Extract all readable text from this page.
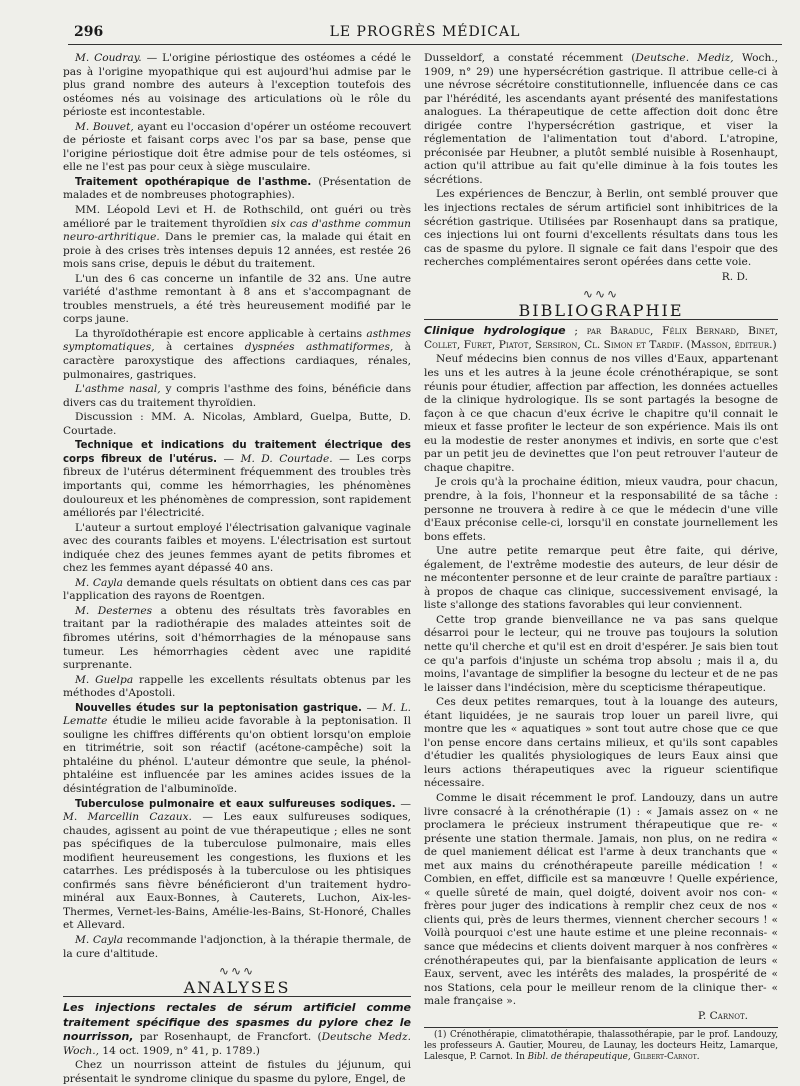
296	LE PROGRÈS MÉDICAL

M. Coudray. — L'origine périostique des ostéomes a cédé le pas à l'origine myopathique qui est aujourd'hui admise par le plus grand nombre des auteurs à l'exception toutefois des ostéomes nés au voisinage des articulations où le rôle du périoste est incontestable.

M. Bouvet, ayant eu l'occasion d'opérer un ostéome recouvert de périoste et faisant corps avec l'os par sa base, pense que l'origine périostique doit être admise pour de tels ostéomes, si elle ne l'est pas pour ceux à siège musculaire.

Traitement opothérapique de l'asthme. (Présentation de malades et de nombreuses photographies).

MM. Léopold Levi et H. de Rothschild, ont guéri ou très amélioré par le traitement thyroïdien six cas d'asthme commun neuro-arthritique. Dans le premier cas, la malade qui était en proie à des crises très intenses depuis 12 années, est restée 26 mois sans crise, depuis le début du traitement.

L'un des 6 cas concerne un infantile de 32 ans. Une autre variété d'asthme remontant à 8 ans et s'accompagnant de troubles menstruels, a été très heureusement modifié par le corps jaune.

La thyroïdothérapie est encore applicable à certains asthmes symptomatiques, à certaines dyspnées asthmatiformes, à caractère paroxystique des affections cardiaques, rénales, pulmonaires, gastriques.

L'asthme nasal, y compris l'asthme des foins, bénéficie dans divers cas du traitement thyroïdien.

Discussion : MM. A. Nicolas, Amblard, Guelpa, Butte, D. Courtade.

Technique et indications du traitement électrique des corps fibreux de l'utérus. — M. D. Courtade. — Les corps fibreux de l'utérus déterminent fréquemment des troubles très importants qui, comme les hémorrhagies, les phénomènes douloureux et les phénomènes de compression, sont rapidement améliorés par l'électricité.

L'auteur a surtout employé l'électrisation galvanique vaginale avec des courants faibles et moyens. L'électrisation est surtout indiquée chez des jeunes femmes ayant de petits fibromes et chez les femmes ayant dépassé 40 ans.

M. Cayla demande quels résultats on obtient dans ces cas par l'application des rayons de Roentgen.

M. Desternes a obtenu des résultats très favorables en traitant par la radiothérapie des malades atteintes soit de fibromes utérins, soit d'hémorrhagies de la ménopause sans tumeur. Les hémorrhagies cèdent avec une rapidité surprenante.

M. Guelpa rappelle les excellents résultats obtenus par les méthodes d'Apostoli.

Nouvelles études sur la peptonisation gastrique. — M. L. Lematte étudie le milieu acide favorable à la peptonisation. Il souligne les chiffres différents qu'on obtient lorsqu'on emploie en titrimétrie, soit son réactif (acétone-campêche) soit la phtaléine du phénol. L'auteur démontre que seule, la phénol-phtaléine est influencée par les amines acides issues de la désintégration de l'albuminoïde.

Tuberculose pulmonaire et eaux sulfureuses sodiques. — M. Marcellin Cazaux. — Les eaux sulfureuses sodiques, chaudes, agissent au point de vue thérapeutique ; elles ne sont pas spécifiques de la tuberculose pulmonaire, mais elles modifient heureusement les congestions, les fluxions et les catarrhes. Les prédisposés à la tuberculose ou les phtisiques confirmés sans fièvre bénéficieront d'un traitement hydro-minéral aux Eaux-Bonnes, à Cauterets, Luchon, Aix-les-Thermes, Vernet-les-Bains, Amélie-les-Bains, St-Honoré, Challes et Allevard.

M. Cayla recommande l'adjonction, à la thérapie thermale, de la cure d'altitude.

∿∿∿
ANALYSES

Les injections rectales de sérum artificiel comme traitement spécifique des spasmes du pylore chez le nourrisson, par Rosenhaupt, de Francfort. (Deutsche Medz. Woch., 14 oct. 1909, n° 41, p. 1789.)

Chez un nourrisson atteint de fistules du jéjunum, qui présentait le syndrome clinique du spasme du pylore, Engel, de

Dusseldorf, a constaté récemment (Deutsche. Mediz, Woch., 1909, n° 29) une hypersécrétion gastrique. Il attribue celle-ci à une névrose sécrétoire constitutionnelle, influencée dans ce cas par l'hérédité, les ascendants ayant présenté des manifestations analogues. La thérapeutique de cette affection doit donc être dirigée contre l'hypersécrétion gastrique, et viser la réglementation de l'alimentation tout d'abord. L'atropine, préconisée par Heubner, a plutôt semblé nuisible à Rosenhaupt, action qu'il attribue au fait qu'elle diminue à la fois toutes les sécrétions.

Les expériences de Benczur, à Berlin, ont semblé prouver que les injections rectales de sérum artificiel sont inhibitrices de la sécrétion gastrique. Utilisées par Rosenhaupt dans sa pratique, ces injections lui ont fourni d'excellents résultats dans tous les cas de spasme du pylore. Il signale ce fait dans l'espoir que des recherches complémentaires seront opérées dans cette voie.

R. D.
∿∿∿
BIBLIOGRAPHIE

Clinique hydrologique ; par Baraduc, Félix Bernard, Binet, Collet, Furet, Piatot, Sersiron, Cl. Simon et Tardif. (Masson, éditeur.)

Neuf médecins bien connus de nos villes d'Eaux, appartenant les uns et les autres à la jeune école crénothérapique, se sont réunis pour étudier, affection par affection, les données actuelles de la clinique hydrologique. Ils se sont partagés la besogne de façon à ce que chacun d'eux écrive le chapitre qu'il connait le mieux et fasse profiter le lecteur de son expérience. Mais ils ont eu la modestie de rester anonymes et indivis, en sorte que c'est par un petit jeu de devinettes que l'on peut retrouver l'auteur de chaque chapitre.

Je crois qu'à la prochaine édition, mieux vaudra, pour chacun, prendre, à la fois, l'honneur et la responsabilité de sa tâche : personne ne trouvera à redire à ce que le médecin d'une ville d'Eaux préconise celle-ci, lorsqu'il en constate journellement les bons effets.

Une autre petite remarque peut être faite, qui dérive, également, de l'extrême modestie des auteurs, de leur désir de ne mécontenter personne et de leur crainte de paraître partiaux : à propos de chaque cas clinique, successivement envisagé, la liste s'allonge des stations favorables qui leur conviennent.

Cette trop grande bienveillance ne va pas sans quelque désarroi pour le lecteur, qui ne trouve pas toujours la solution nette qu'il cherche et qu'il est en droit d'espérer. Je sais bien tout ce qu'a parfois d'injuste un schéma trop absolu ; mais il a, du moins, l'avantage de simplifier la besogne du lecteur et de ne pas le laisser dans l'indécision, mère du scepticisme thérapeutique.

Ces deux petites remarques, tout à la louange des auteurs, étant liquidées, je ne saurais trop louer un pareil livre, qui montre que les « aquatiques » sont tout autre chose que ce que l'on pense encore dans certains milieux, et qu'ils sont capables d'étudier les qualités physiologiques de leurs Eaux ainsi que leurs actions thérapeutiques avec la rigueur scientifique nécessaire.

Comme le disait récemment le prof. Landouzy, dans un autre livre consacré à la crénothérapie (1) : « Jamais assez on « ne proclamera le précieux instrument thérapeutique que re- « présente une station thermale. Jamais, non plus, on ne redira « de quel maniement délicat est l'arme à deux tranchants que « met aux mains du crénothérapeute pareille médication ! « Combien, en effet, difficile est sa manœuvre ! Quelle expérience, « quelle sûreté de main, quel doigté, doivent avoir nos con- « frères pour juger des indications à remplir chez ceux de nos « clients qui, près de leurs thermes, viennent chercher secours ! « Voilà pourquoi c'est une haute estime et une pleine reconnais- « sance que médecins et clients doivent marquer à nos confrères « crénothérapeutes qui, par la bienfaisante application de leurs « Eaux, servent, avec les intérêts des malades, la prospérité de « nos Stations, cela pour le meilleur renom de la clinique ther- « male française ».

P. Carnot.

(1) Crénothérapie, climatothérapie, thalassothérapie, par le prof. Landouzy, les professeurs A. Gautier, Moureu, de Launay, les docteurs Heitz, Lamarque, Lalesque, P. Carnot. In Bibl. de thérapeutique, Gilbert-Carnot.
